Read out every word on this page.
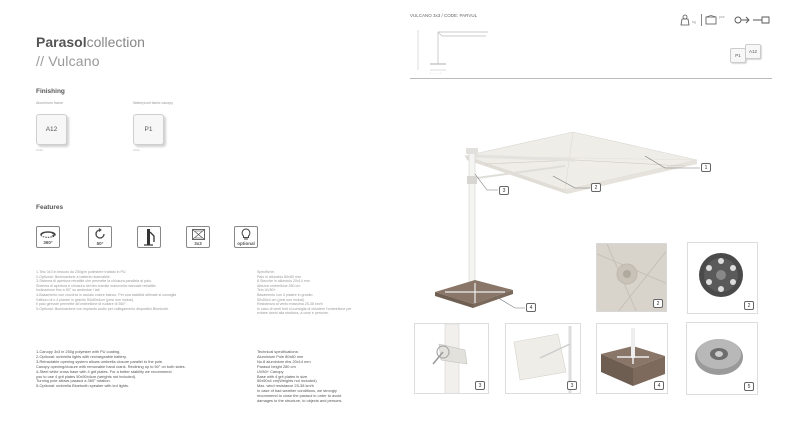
Parasolcollection
// Vulcano
Finishing
Aluminium frame
A12
white
Waterproof fabric canopy
P1
white
Features
360°	50°	3x3	optional
1-Telo 3x3 in tessuto da 250g/m poliestere trattato in PU.
2-Optional: Illuminazione a batteria ricaricabile.
3-Sistema di apertura retrattile che permette la chiusura parallela al palo.
Sistema di apertura e chiusura del telo tramite manovella manuale retrattile.
Inclinazione fino a 50° su ambedue i lati.
4-Basamento con crociera in acciaio colore bianco. Per una stabilità ottimale si consiglia
l'utilizzo di n.4 piastre in granito 50x50x4cm (pesi non inclusi).
Il palo girevole permette all'ombrellone di ruotare di 360°.
5-Optional: Illuminazione con impianto audio per collegamento dispositivi Bluetooth.
1-Canopy 3x3 in 250g polyester with PU coating.
2-Optional: umbrella lights with rechargeable battery.
3-Retractable opening system allows umbrella closure parallel to the pole.
Canopy opening/closure with removable hand crank. Reclining up to 50° on both sides.
4-Steel white cross base with 4 grit plates. For a better stability we recommend
you to use 4 grit plates 50x50x4cm (weights not included).
Turning pole allows parasol a 360° rotation.
5-Optional: umbrella Bluetooth speaker with led lights.
Specifiche:
Palo in alluminio 80x80 mm
8 Stecche in alluminio 20x14 mm
Altezza ombrellone 280 cm
Telo UV80+
Basamento con 4 piastre in granito
50x50x4 cm (pesi non inclusi)
Resistenza al vento massima 25-38 km/h
In caso di venti forti si consiglia di chiudere l'ombrellone per
evitare danni alla struttura, a cose e persone.
Technical specifications:
Aluminium Pole 80x80 mm
No.8 aluminium ribs 20x14 mm
Parasol height 280 cm
UV80+ Canopy
Base with 4 grit plates in size
50x50x4 cm(Weights not included)
Max. wind resistance 25-38 km/h
In case of bad weather conditions, we strongly
recommend to close the parasol in order to avoid
damages to the structure, to objects and persons.
VULCANO 3x3 / CODE: PARVUL
• ......... •
kg
pcs
P1
A12
1
2
3
4
2	2
3	3	4	5
